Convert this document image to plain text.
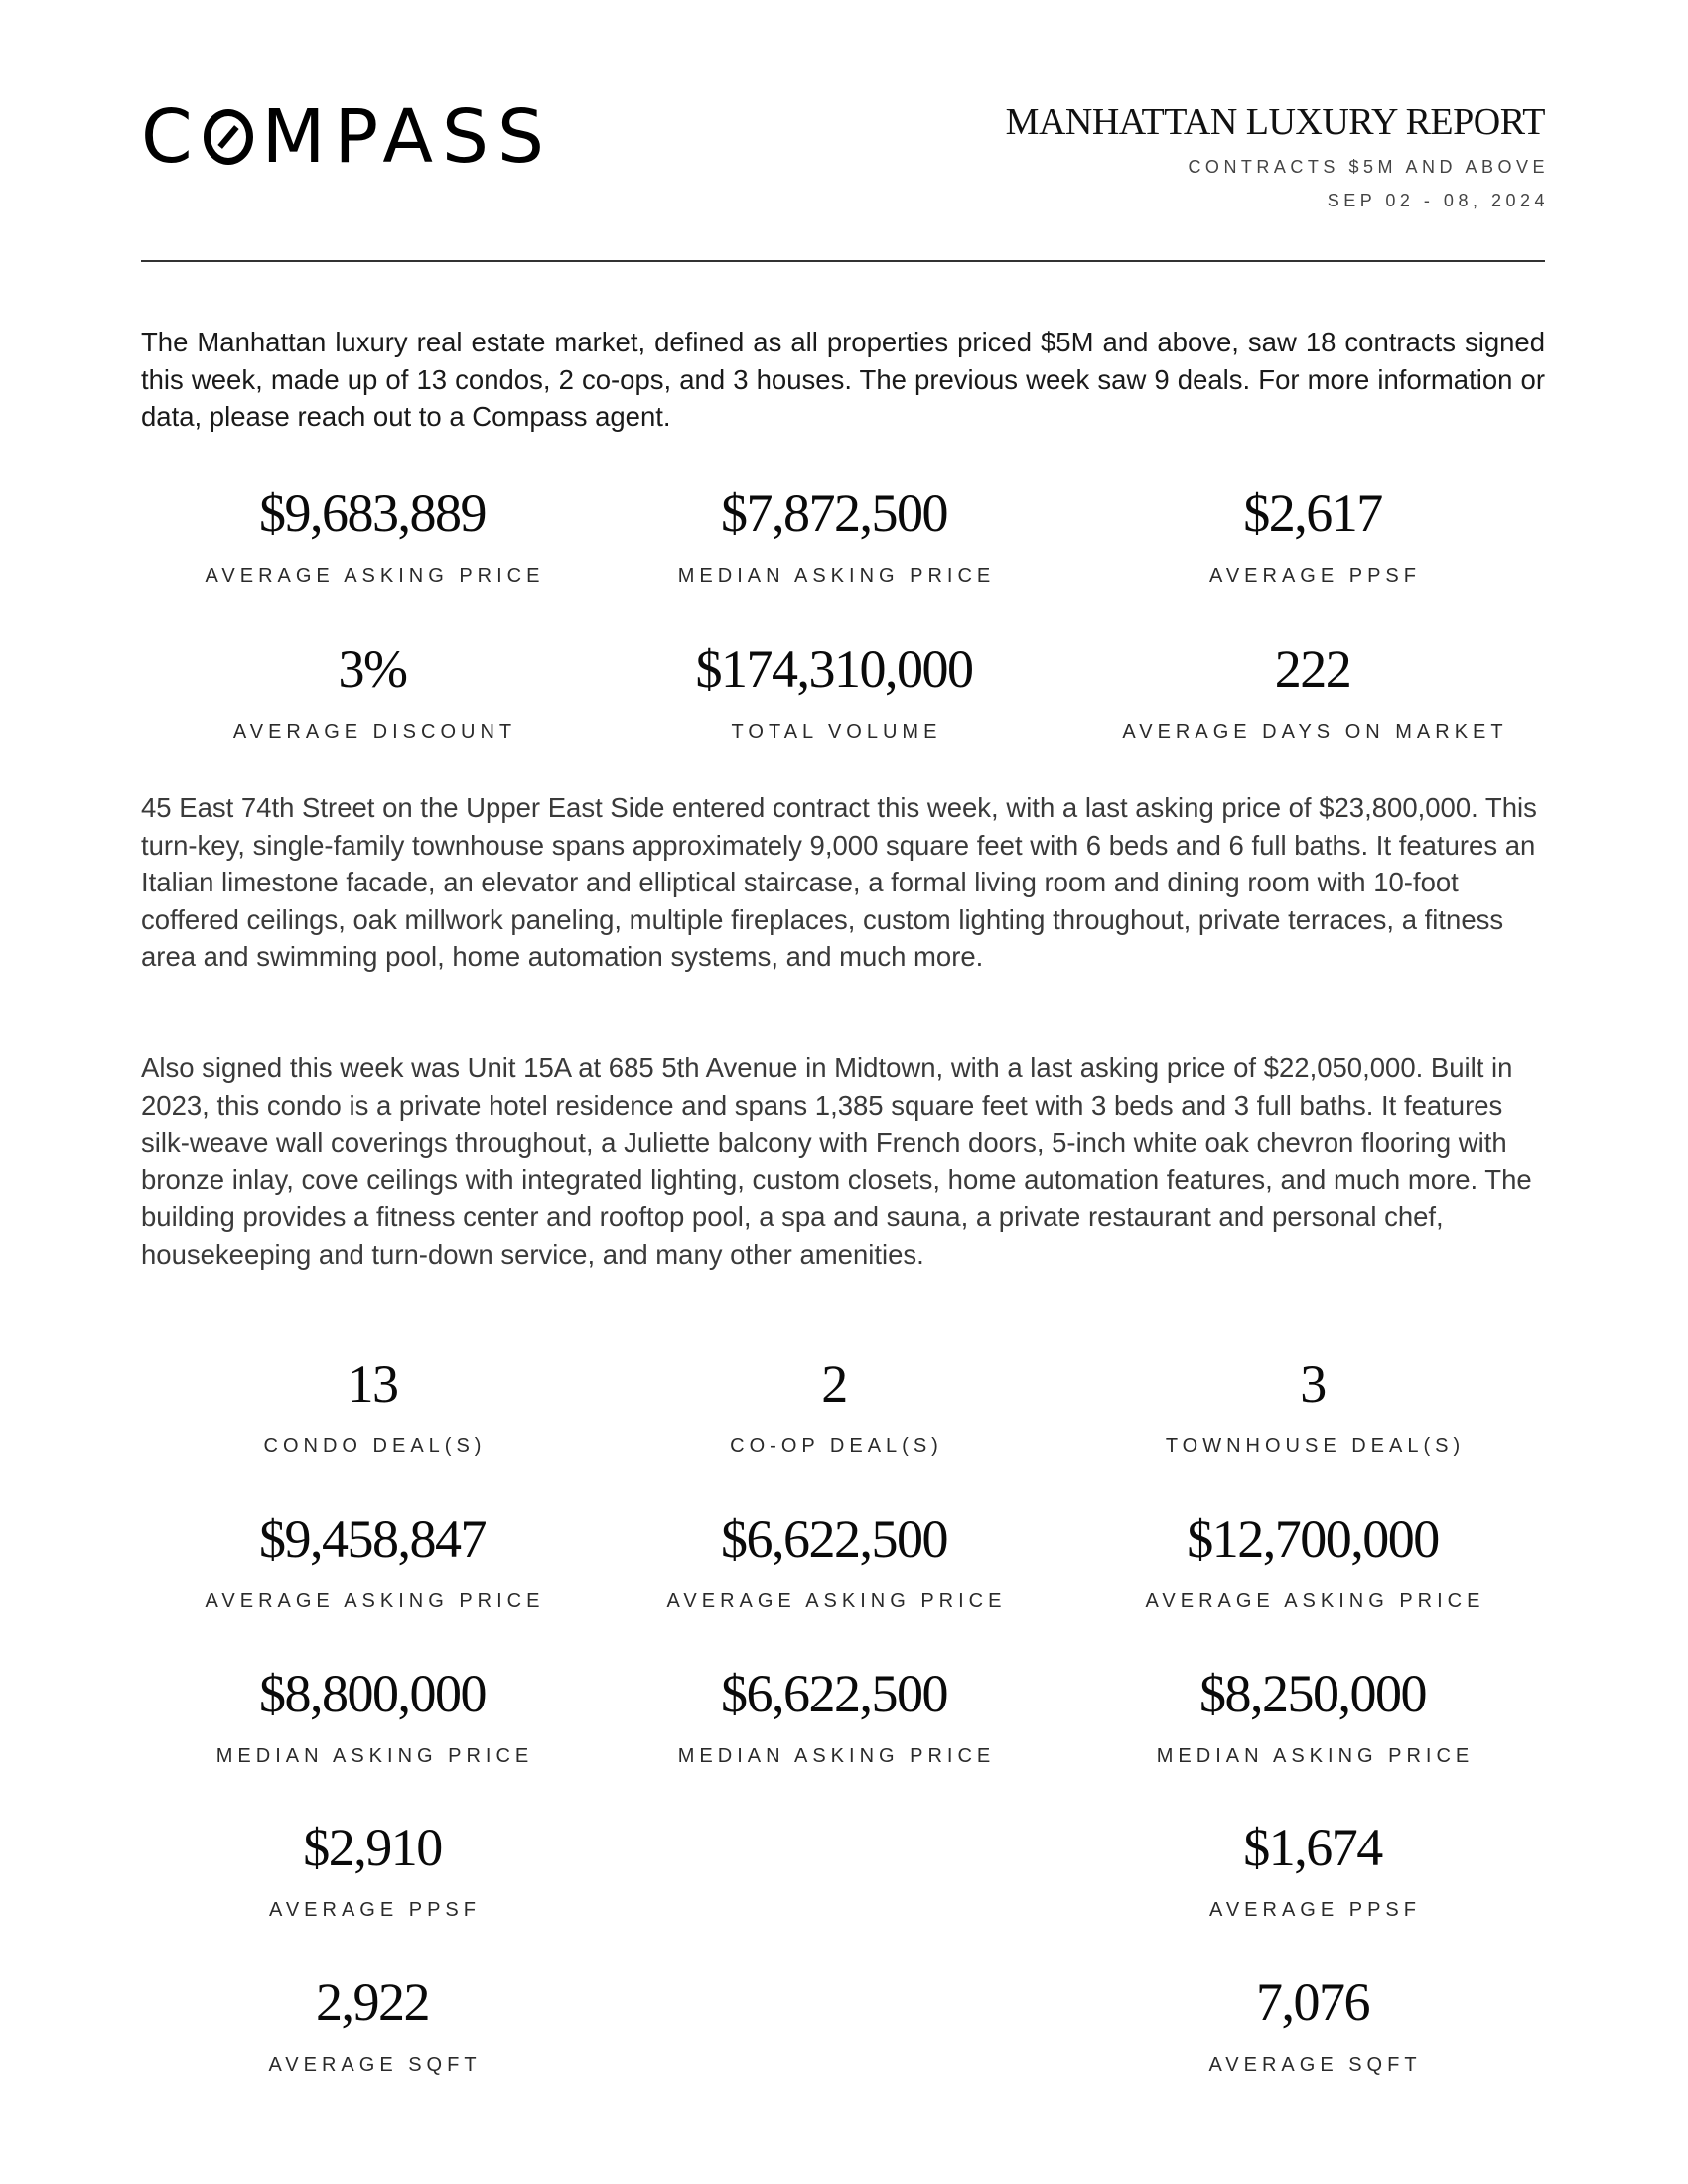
C MPASS	MANHATTAN LUXURY REPORT
CONTRACTS $5M AND ABOVE
SEP 02 - 08, 2024

The Manhattan luxury real estate market, defined as all properties priced $5M and above, saw 18 contracts signed this week, made up of 13 condos, 2 co-ops, and 3 houses. The previous week saw 9 deals. For more information or data, please reach out to a Compass agent.

$9,683,889
AVERAGE ASKING PRICE
$7,872,500
MEDIAN ASKING PRICE
$2,617
AVERAGE PPSF
3%
AVERAGE DISCOUNT
$174,310,000
TOTAL VOLUME
222
AVERAGE DAYS ON MARKET

45 East 74th Street on the Upper East Side entered contract this week, with a last asking price of $23,800,000. This turn-key, single-family townhouse spans approximately 9,000 square feet with 6 beds and 6 full baths. It features an Italian limestone facade, an elevator and elliptical staircase, a formal living room and dining room with 10-foot coffered ceilings, oak millwork paneling, multiple fireplaces, custom lighting throughout, private terraces, a fitness area and swimming pool, home automation systems, and much more.

Also signed this week was Unit 15A at 685 5th Avenue in Midtown, with a last asking price of $22,050,000. Built in 2023, this condo is a private hotel residence and spans 1,385 square feet with 3 beds and 3 full baths. It features silk-weave wall coverings throughout, a Juliette balcony with French doors, 5-inch white oak chevron flooring with bronze inlay, cove ceilings with integrated lighting, custom closets, home automation features, and much more. The building provides a fitness center and rooftop pool, a spa and sauna, a private restaurant and personal chef, housekeeping and turn-down service, and many other amenities.

13
CONDO DEAL(S)
2
CO-OP DEAL(S)
3
TOWNHOUSE DEAL(S)
$9,458,847
AVERAGE ASKING PRICE
$6,622,500
AVERAGE ASKING PRICE
$12,700,000
AVERAGE ASKING PRICE
$8,800,000
MEDIAN ASKING PRICE
$6,622,500
MEDIAN ASKING PRICE
$8,250,000
MEDIAN ASKING PRICE
$2,910
AVERAGE PPSF
$1,674
AVERAGE PPSF
2,922
AVERAGE SQFT
7,076
AVERAGE SQFT
